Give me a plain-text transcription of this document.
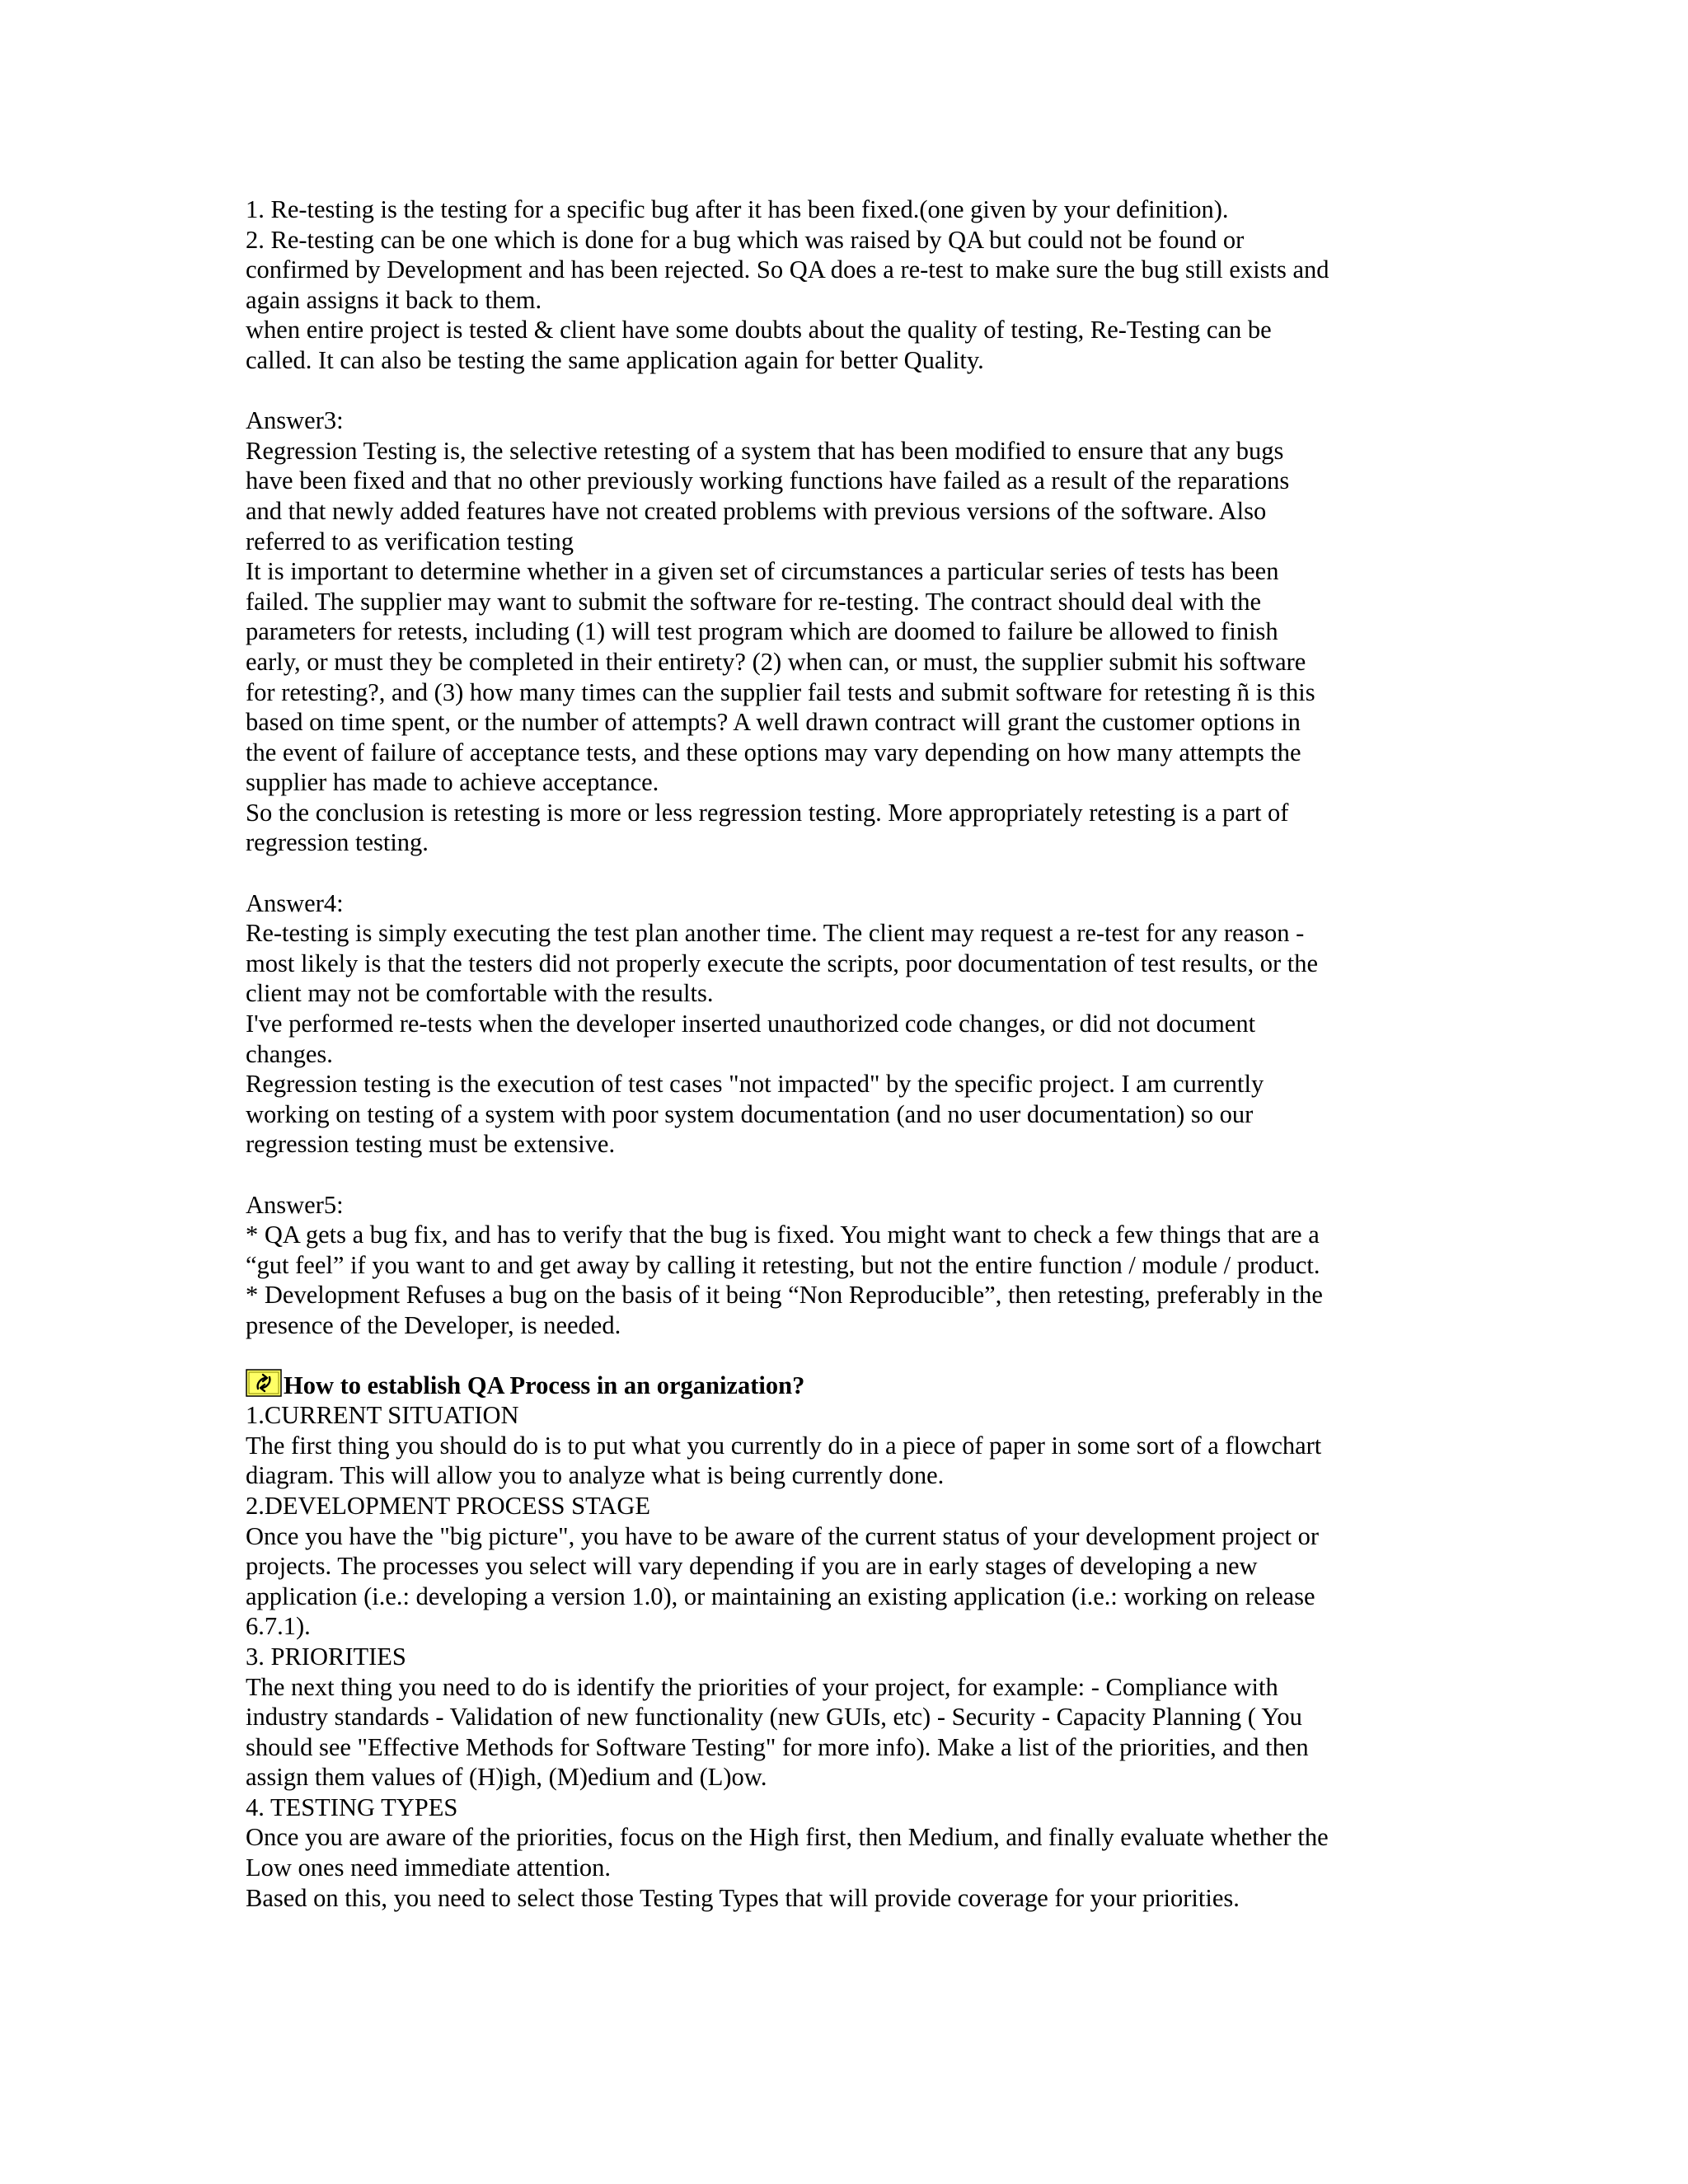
1. Re-testing is the testing for a specific bug after it has been fixed.(one given by your definition).
2. Re-testing can be one which is done for a bug which was raised by QA but could not be found or
confirmed by Development and has been rejected. So QA does a re-test to make sure the bug still exists and
again assigns it back to them.
when entire project is tested & client have some doubts about the quality of testing, Re-Testing can be
called. It can also be testing the same application again for better Quality.
Answer3:
Regression Testing is, the selective retesting of a system that has been modified to ensure that any bugs
have been fixed and that no other previously working functions have failed as a result of the reparations
and that newly added features have not created problems with previous versions of the software. Also
referred to as verification testing
It is important to determine whether in a given set of circumstances a particular series of tests has been
failed. The supplier may want to submit the software for re-testing. The contract should deal with the
parameters for retests, including (1) will test program which are doomed to failure be allowed to finish
early, or must they be completed in their entirety? (2) when can, or must, the supplier submit his software
for retesting?, and (3) how many times can the supplier fail tests and submit software for retesting ñ is this
based on time spent, or the number of attempts? A well drawn contract will grant the customer options in
the event of failure of acceptance tests, and these options may vary depending on how many attempts the
supplier has made to achieve acceptance.
So the conclusion is retesting is more or less regression testing. More appropriately retesting is a part of
regression testing.
Answer4:
Re-testing is simply executing the test plan another time. The client may request a re-test for any reason -
most likely is that the testers did not properly execute the scripts, poor documentation of test results, or the
client may not be comfortable with the results.
I've performed re-tests when the developer inserted unauthorized code changes, or did not document
changes.
Regression testing is the execution of test cases "not impacted" by the specific project. I am currently
working on testing of a system with poor system documentation (and no user documentation) so our
regression testing must be extensive.
Answer5:
* QA gets a bug fix, and has to verify that the bug is fixed. You might want to check a few things that are a
“gut feel” if you want to and get away by calling it retesting, but not the entire function / module / product.
* Development Refuses a bug on the basis of it being “Non Reproducible”, then retesting, preferably in the
presence of the Developer, is needed.
How to establish QA Process in an organization?
1.CURRENT SITUATION
The first thing you should do is to put what you currently do in a piece of paper in some sort of a flowchart
diagram. This will allow you to analyze what is being currently done.
2.DEVELOPMENT PROCESS STAGE
Once you have the "big picture", you have to be aware of the current status of your development project or
projects. The processes you select will vary depending if you are in early stages of developing a new
application (i.e.: developing a version 1.0), or maintaining an existing application (i.e.: working on release
6.7.1).
3. PRIORITIES
The next thing you need to do is identify the priorities of your project, for example: - Compliance with
industry standards - Validation of new functionality (new GUIs, etc) - Security - Capacity Planning ( You
should see "Effective Methods for Software Testing" for more info). Make a list of the priorities, and then
assign them values of (H)igh, (M)edium and (L)ow.
4. TESTING TYPES
Once you are aware of the priorities, focus on the High first, then Medium, and finally evaluate whether the
Low ones need immediate attention.
Based on this, you need to select those Testing Types that will provide coverage for your priorities.
